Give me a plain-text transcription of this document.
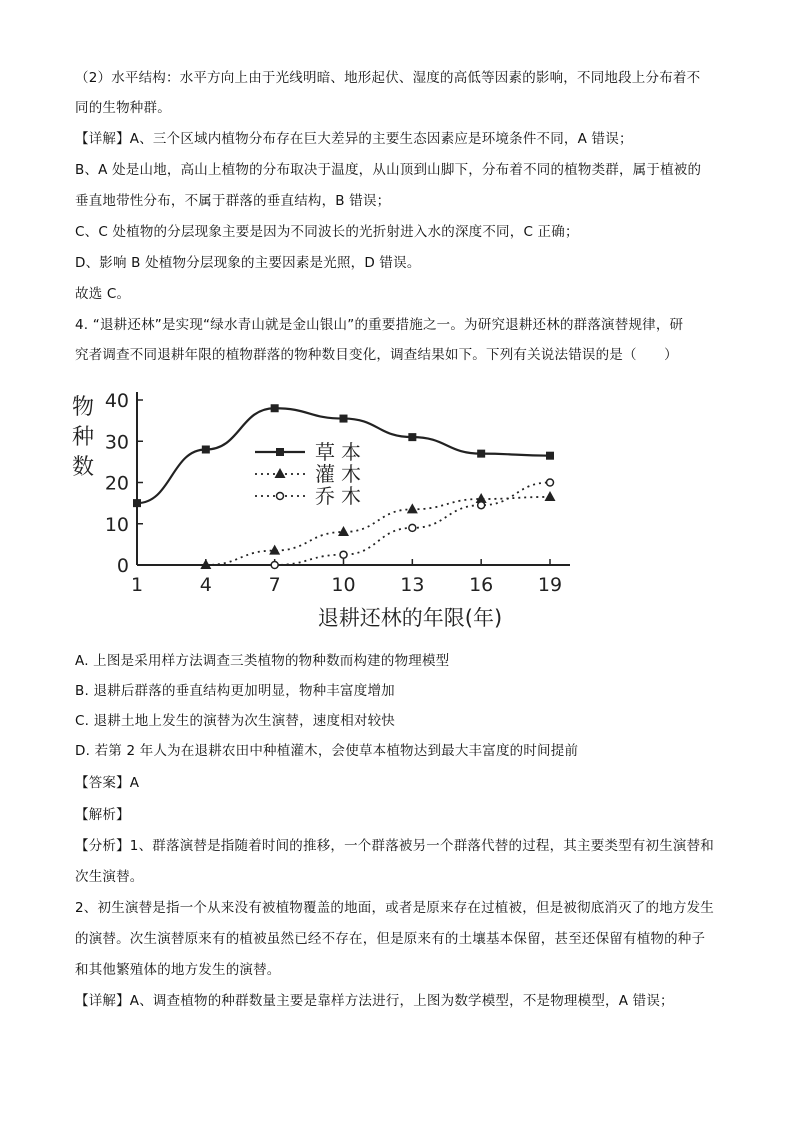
（2）水平结构：水平方向上由于光线明暗、地形起伏、湿度的高低等因素的影响，不同地段上分布着不
同的生物种群。
【详解】A、三个区域内植物分布存在巨大差异的主要生态因素应是环境条件不同，A 错误；
B、A 处是山地，高山上植物的分布取决于温度，从山顶到山脚下，分布着不同的植物类群，属于植被的
垂直地带性分布，不属于群落的垂直结构，B 错误；
C、C 处植物的分层现象主要是因为不同波长的光折射进入水的深度不同，C 正确；
D、影响 B 处植物分层现象的主要因素是光照，D 错误。
故选 C。
4. “退耕还林”是实现“绿水青山就是金山银山”的重要措施之一。为研究退耕还林的群落演替规律，研
究者调查不同退耕年限的植物群落的物种数目变化，调查结果如下。下列有关说法错误的是（　　）
0
10
20
30
40
1	4	7	10 13 16 19
物
种
数
退耕还林的年限(年)
草本
灌木
乔木
A. 上图是采用样方法调查三类植物的物种数而构建的物理模型
B. 退耕后群落的垂直结构更加明显，物种丰富度增加
C. 退耕土地上发生的演替为次生演替，速度相对较快
D. 若第 2 年人为在退耕农田中种植灌木，会使草本植物达到最大丰富度的时间提前
【答案】A
【解析】
【分析】1、群落演替是指随着时间的推移，一个群落被另一个群落代替的过程，其主要类型有初生演替和
次生演替。
2、初生演替是指一个从来没有被植物覆盖的地面，或者是原来存在过植被，但是被彻底消灭了的地方发生
的演替。次生演替原来有的植被虽然已经不存在，但是原来有的土壤基本保留，甚至还保留有植物的种子
和其他繁殖体的地方发生的演替。
【详解】A、调查植物的种群数量主要是靠样方法进行，上图为数学模型，不是物理模型，A 错误；
